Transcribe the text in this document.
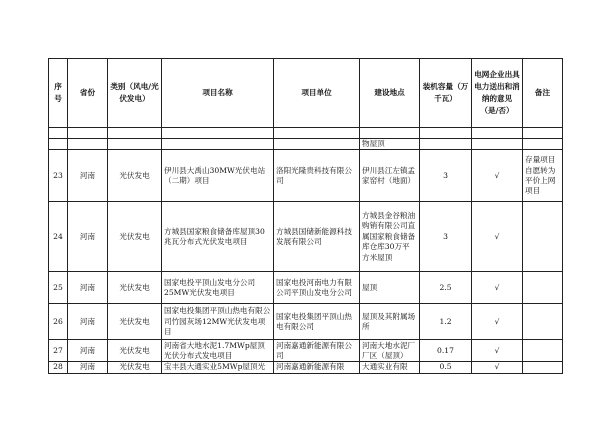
序号	省份	类别（风电/光伏发电）	项目名称	项目单位	建设地点	装机容量（万千瓦）	电网企业出具电力送出和消纳的意见（是/否）	备注

					物屋顶			
23	河南	光伏发电	伊川县大禹山30MW光伏电站（二期）项目	洛阳光隆贵科技有限公司	伊川县江左镇孟家窑村（地面）	3	√	存量项目自愿转为平价上网项目
24	河南	光伏发电	方城县国家粮食储备库屋顶30兆瓦分布式光伏发电项目	方城县国储新能源科技发展有限公司	方城县金谷粮油购销有限公司直属国家粮食储备库仓库30万平方米屋顶	3	√	
25	河南	光伏发电	国家电投平顶山发电分公司25MW光伏发电项目	国家电投河南电力有限公司平顶山发电分公司	屋顶	2.5	√	
26	河南	光伏发电	国家电投集团平顶山热电有限公司竹园灰场12MW光伏发电项目	国家电投集团平顶山热电有限公司	屋顶及其附属场所	1.2	√	
27	河南	光伏发电	河南省大地水泥1.7MWp屋顶光伏分布式发电项目	河南嘉通新能源有限公司	河南大地水泥厂厂区（屋顶）	0.17	√	
28	河南	光伏发电	宝丰县大通实业5MWp屋顶光	河南嘉通新能源有限	大通实业有限	0.5	√	
